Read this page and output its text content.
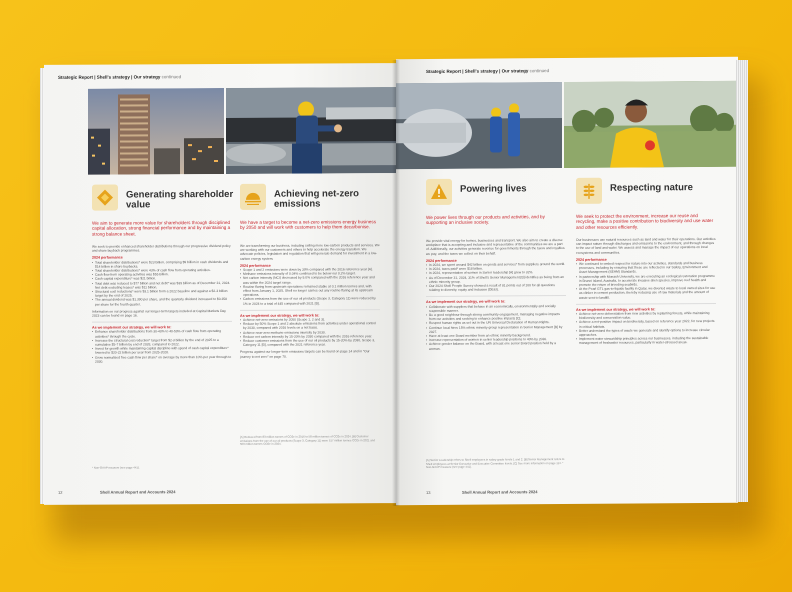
Strategic Report | Shell's strategy | Our strategy continued
Generating shareholder value
We aim to generate more value for shareholders through disciplined capital allocation, strong financial performance and by maintaining a strong balance sheet.
We seek to provide enhanced shareholder distributions through our progressive dividend policy and share buyback programmes.
2024 performance
• Total shareholder distributions* were $23 billion, comprising $9 billion in cash dividends and $14 billion in share buybacks.
• Total shareholder distributions* were 43% of cash flow from operating activities.
• Cash flow from operating activities was $55 billion.
• Cash capital expenditure* was $21 billion.
• Total debt was reduced to $77 billion and net debt* was $39 billion as of December 31, 2024. Net debt excluding leases* was $11 billion.
• Structural cost reductions* were $3.1 billion from a 2022 baseline and against a $2-3 billion target by the end of 2025.
• The annual dividend was $1.390 per share, and the quarterly dividend increased to $0.358 per share for the fourth quarter.
Information on our progress against our longer-term targets included at Capital Markets Day 2023 can be found on page 16.
As we implement our strategy, we will work to:
• Enhance shareholder distributions from 30-40% to 40-50% of cash flow from operating activities* through the cycle.
• Increase the structural cost reduction* target from $2-3 billion by the end of 2025 to a cumulative $5-7 billion by end of 2028, compared to 2022.
• Invest for growth while maintaining capital discipline with spend of cash capital expenditure* lowered to $20-22 billion per year from 2025-2028.
• Grow normalised free cash flow per share* on average by more than 10% per year through to 2030.
* Non-GAAP measure (see page 441).
Achieving net-zero emissions
We have a target to become a net-zero emissions energy business by 2050 and will work with customers to help them decarbonise.
We are transforming our business, including selling more low-carbon products and services. We are working with our customers and others to help accelerate the energy transition. We advocate policies, legislation and regulation that will generate demand for investment in a low-carbon energy system.
2024 performance
• Scope 1 and 2 emissions were down by 30% compared with the 2016 reference year [A].
• Methane emissions intensity of 0.04% continued to be below our 0.2% target.
• Net carbon intensity (NCI) decreased by 9.0% compared with the 2016 reference year and was within the 2024 target range.
• Routine flaring from upstream operations remained stable at 0.1 million tonnes and, with effect from January 1, 2025, Shell no longer carries out any routine flaring at its upstream operations.
• Carbon emissions from the use of our oil products (Scope 3, Category 11) were reduced by 1% in 2024 to a total of 445 compared with 2021 [B].
As we implement our strategy, we will work to:
• Achieve net-zero emissions by 2050 (Scope 1, 2 and 3).
• Reduce by 50% Scope 1 and 2 absolute emissions from activities under operational control by 2030, compared with 2016 levels on a net basis.
• Achieve near-zero methane emissions intensity by 2030.
• Reduce net carbon intensity by 15-20% by 2030 compared with the 2016 reference year.
• Reduce customer emissions from the use of our oil products by 15-20% by 2030, Scope 3, Category 11 [B], compared with the 2021 reference year.
Progress against our longer-term emissions targets can be found on page 14 and in "Our journey to net zero" on page 70.
[A] Reduced from 83 million tonnes of CO2e in 2016 to 58 million tonnes of CO2e in 2024. [B] Customer emissions from the use of our oil products (Scope 3, Category 11) were 517 million tonnes CO2e in 2021 and 509 million tonnes CO2e in 2024.
12	Shell Annual Report and Accounts 2024
Strategic Report | Shell's strategy | Our strategy continued
Powering lives
We power lives through our products and activities, and by supporting an inclusive society.
We provide vital energy for homes, businesses and transport. We also aim to create a diverse workplace that is accepting and inclusive and representative of the communities we are a part of. Additionally, our activities generate revenue for governments through the taxes and royalties we pay, and the taxes we collect on their behalf.
2024 performance
• In 2024, we spent around $42 billion on goods and services* from suppliers around the world.
• In 2024, taxes paid* were $18 billion.
• In 2024, representation of women in Senior leadership [A] grew to 32%.
• As of December 31, 2024, 31% of Shell's Senior Management [B] identifies as being from an ethnic minority group.
• Our 2024 Shell People Survey showed a result of 81 points out of 100 for all questions relating to diversity, equity and inclusion (DE&I).
As we implement our strategy, we will work to:
• Collaborate with suppliers that behave in an economically, environmentally and socially responsible manner.
• Be a good neighbour through strong community engagement, managing negative impacts from our activities and seeking to enhance positive impacts [C].
• Respect human rights as set out in the UN Universal Declaration of Human Rights.
• Continue local hires 15% ethnic minority group representation in Senior Management [B] by 2027.
• Have at least one Board member from an ethnic minority background.
• Increase representation of women in senior leadership positions to 40% by 2030.
• Achieve gender balance on the Board, with at least one senior Board position held by a woman.
[A] Senior Leadership refers to Shell employees in salary grade levels 1 and 2. [B] Senior Management refers to Shell employees at Senior Executive and Executive Committee levels. [C] See more information on page 114. * Non-GAAP measure (see page 441).
Respecting nature
We seek to protect the environment, increase our reuse and recycling, make a positive contribution to biodiversity and use water and other resources efficiently.
Our businesses use natural resources such as land and water for their operations. Our activities can impact nature through discharges and emissions to the environment, and through changes to the use of land and water. We assess and manage the impact of our operations on local ecosystems and communities.
2024 performance
• We continued to embed respect for nature into our activities, standards and business processes, including by ensuring that these are reflected in our Safety, Environment and Asset Management (SEAM) Standards.
• In partnership with Monash University, we are executing an ecological restoration programme in Brunei Island, Australia, to accelerate invasive alien species, improve reef health and promote the return of breeding seabirds.
• At the Pearl GTL gas-to-liquids facility in Qatar, we diverted waste to local owned sites for use as clinker in cement production, thereby reducing use of raw materials and the amount of waste sent to landfill.
As we implement our strategy, we will work to:
• Achieve net-zero deforestation from new activities by replanting forests, while maintaining biodiversity and conservation value.
• Achieve a net-positive impact on biodiversity, based on reference year 2022, for new projects in critical habitats.
• Better understand the types of waste we generate and identify options to increase circular approaches.
• Implement water stewardship principles across our businesses, including the sustainable management of freshwater resources, particularly in water-stressed areas.
13	Shell Annual Report and Accounts 2024
